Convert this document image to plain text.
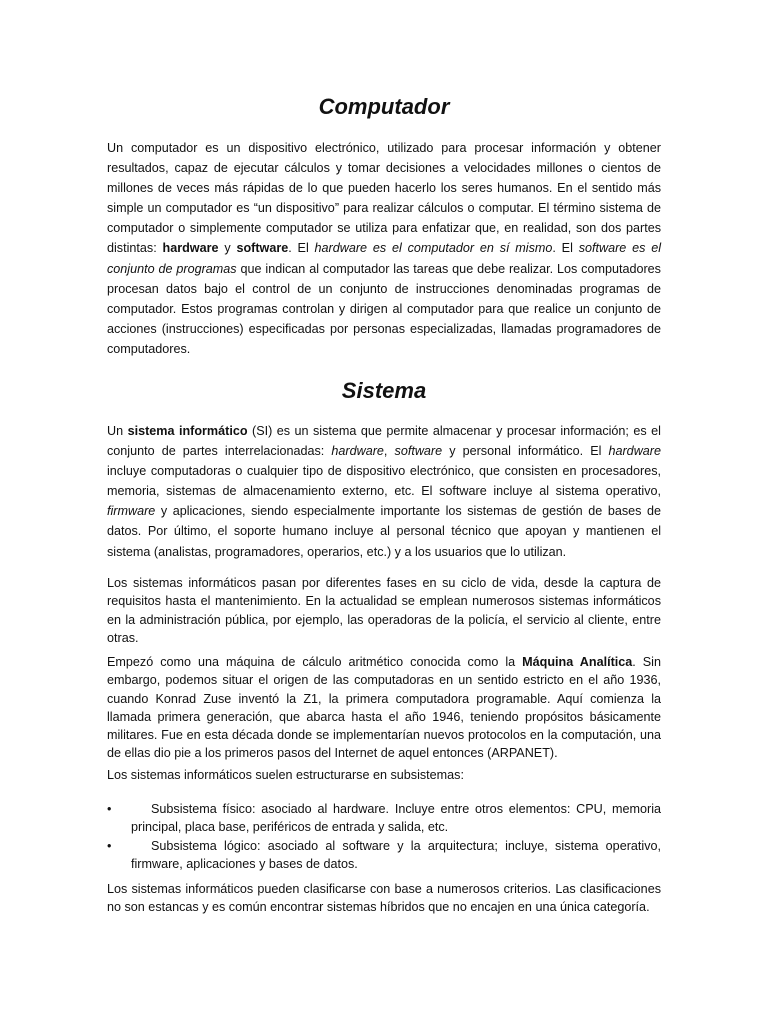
Computador
Un computador es un dispositivo electrónico, utilizado para procesar información y obtener resultados, capaz de ejecutar cálculos y tomar decisiones a velocidades millones o cientos de millones de veces más rápidas de lo que pueden hacerlo los seres humanos. En el sentido más simple un computador es “un dispositivo” para realizar cálculos o computar. El término sistema de computador o simplemente computador se utiliza para enfatizar que, en realidad, son dos partes distintas: hardware y software. El hardware es el computador en sí mismo. El software es el conjunto de programas que indican al computador las tareas que debe realizar. Los computadores procesan datos bajo el control de un conjunto de instrucciones denominadas programas de computador. Estos programas controlan y dirigen al computador para que realice un conjunto de acciones (instrucciones) especificadas por personas especializadas, llamadas programadores de computadores.
Sistema
Un sistema informático (SI) es un sistema que permite almacenar y procesar información; es el conjunto de partes interrelacionadas: hardware, software y personal informático. El hardware incluye computadoras o cualquier tipo de dispositivo electrónico, que consisten en procesadores, memoria, sistemas de almacenamiento externo, etc. El software incluye al sistema operativo, firmware y aplicaciones, siendo especialmente importante los sistemas de gestión de bases de datos. Por último, el soporte humano incluye al personal técnico que apoyan y mantienen el sistema (analistas, programadores, operarios, etc.) y a los usuarios que lo utilizan.
Los sistemas informáticos pasan por diferentes fases en su ciclo de vida, desde la captura de requisitos hasta el mantenimiento. En la actualidad se emplean numerosos sistemas informáticos en la administración pública, por ejemplo, las operadoras de la policía, el servicio al cliente, entre otras.
Empezó como una máquina de cálculo aritmético conocida como la Máquina Analítica. Sin embargo, podemos situar el origen de las computadoras en un sentido estricto en el año 1936, cuando Konrad Zuse inventó la Z1, la primera computadora programable. Aquí comienza la llamada primera generación, que abarca hasta el año 1946, teniendo propósitos básicamente militares. Fue en esta década donde se implementarían nuevos protocolos en la computación, una de ellas dio pie a los primeros pasos del Internet de aquel entonces (ARPANET).
Los sistemas informáticos suelen estructurarse en subsistemas:
•	Subsistema físico: asociado al hardware. Incluye entre otros elementos: CPU, memoria principal, placa base, periféricos de entrada y salida, etc.
•	Subsistema lógico: asociado al software y la arquitectura; incluye, sistema operativo, firmware, aplicaciones y bases de datos.
Los sistemas informáticos pueden clasificarse con base a numerosos criterios. Las clasificaciones no son estancas y es común encontrar sistemas híbridos que no encajen en una única categoría.
